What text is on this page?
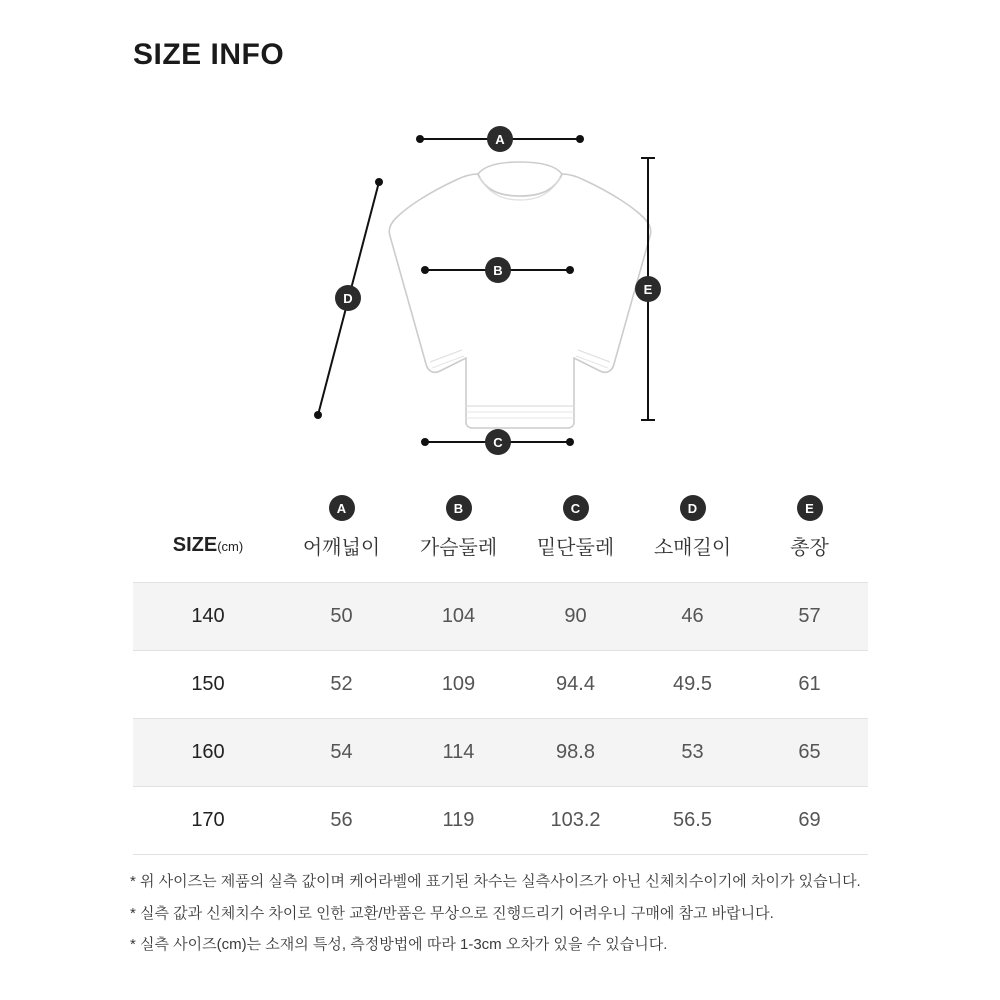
SIZE INFO
A
B
C
D
E
	A	B	C	D	E
SIZE(cm)	어깨넓이	가슴둘레	밑단둘레	소매길이	총장
140	50	104	90	46	57
150	52	109	94.4	49.5	61
160	54	114	98.8	53	65
170	56	119	103.2	56.5	69

* 위 사이즈는 제품의 실측 값이며 케어라벨에 표기된 차수는 실측사이즈가 아닌 신체치수이기에 차이가 있습니다.

* 실측 값과 신체치수 차이로 인한 교환/반품은 무상으로 진행드리기 어려우니 구매에 참고 바랍니다.

* 실측 사이즈(cm)는 소재의 특성, 측정방법에 따라 1-3cm 오차가 있을 수 있습니다.
